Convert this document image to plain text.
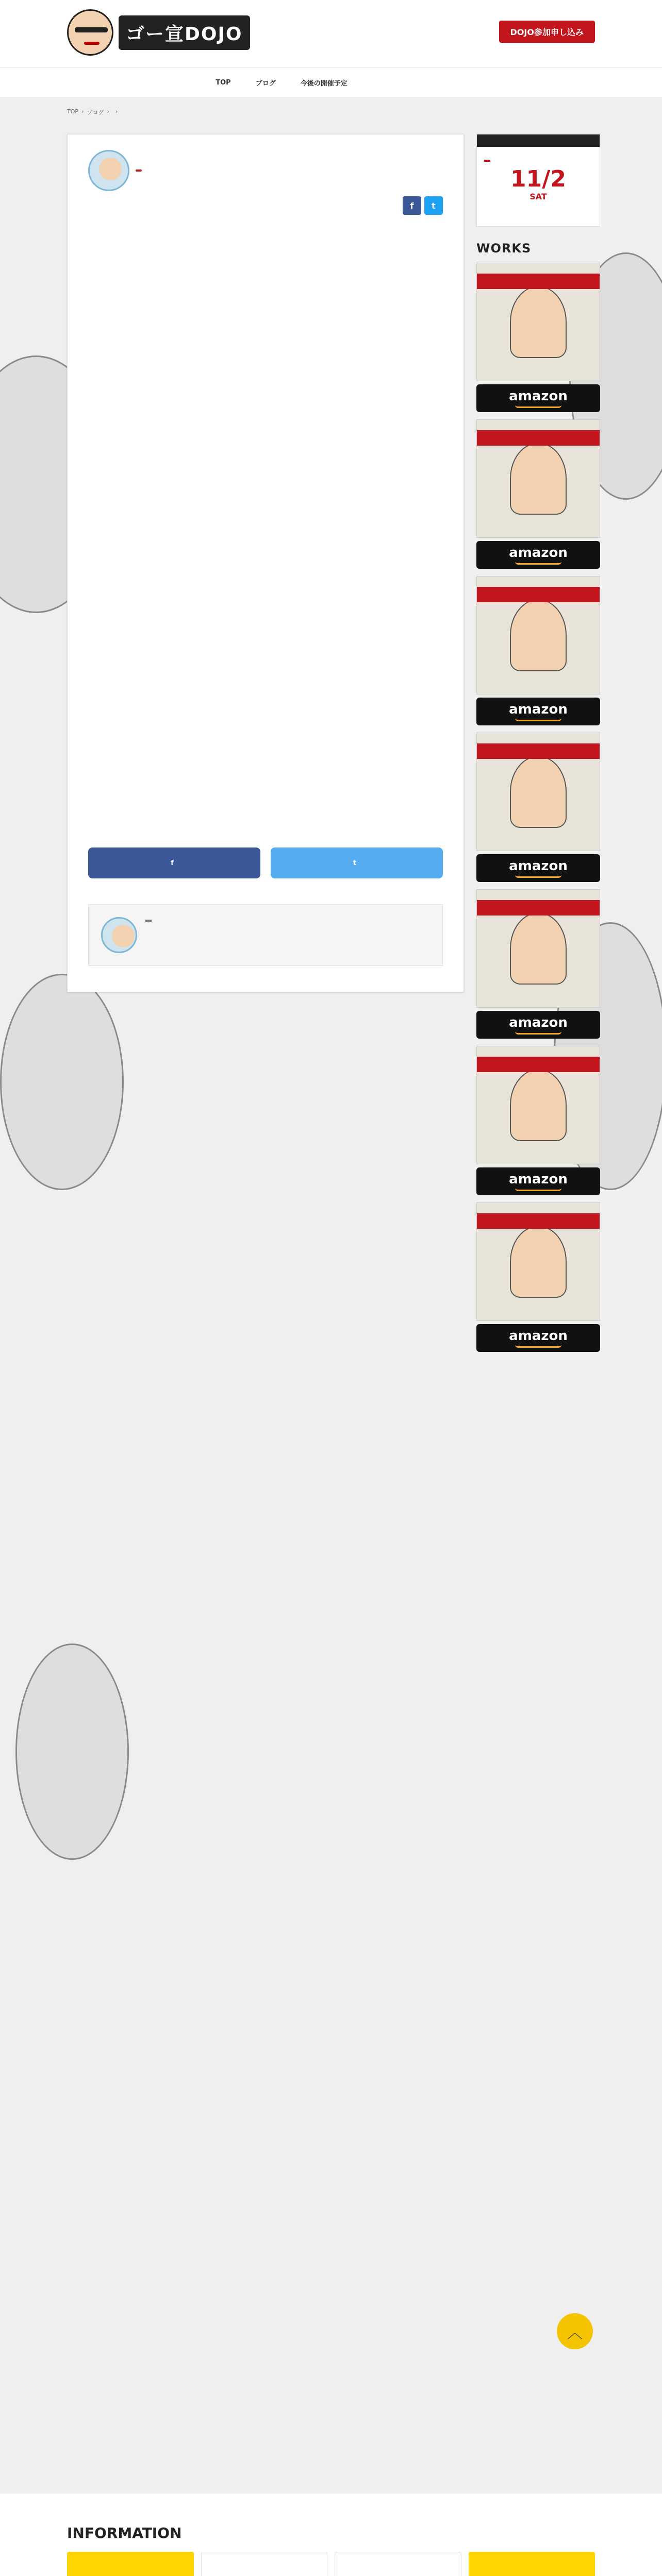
ゴー宣DOJO	DOJO参加申し込み
TOP	ブログ	今後の開催予定
TOP › ブログ › ›
f	t

f	t
11/2
SAT

WORKS
amazon
amazon
amazon
amazon
amazon
amazon
amazon
︿
INFORMATION
